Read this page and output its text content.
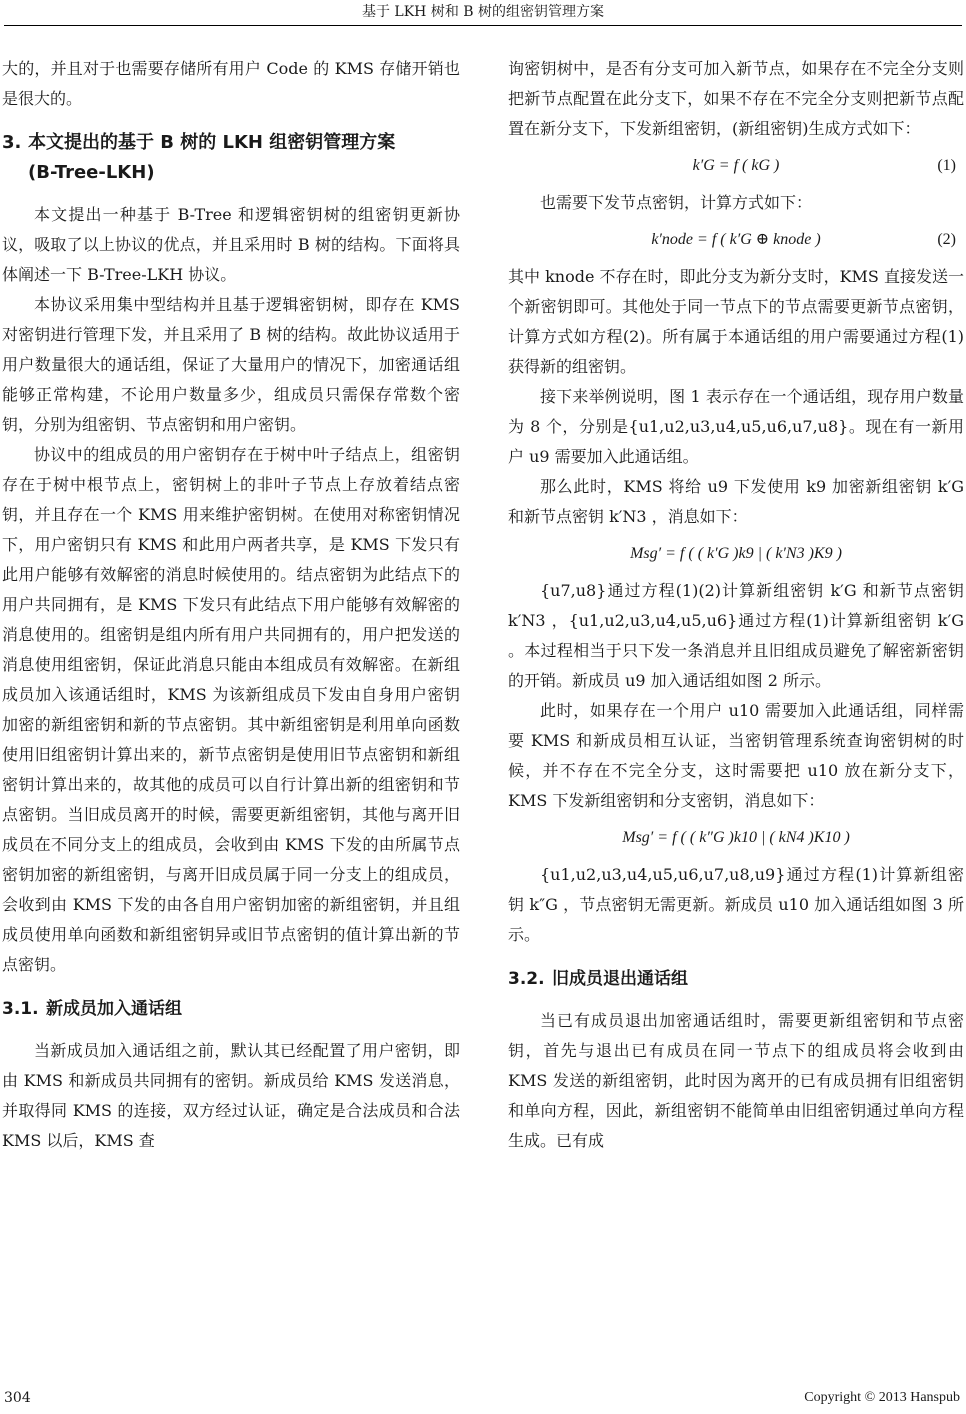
基于 LKH 树和 B 树的组密钥管理方案

大的，并且对于也需要存储所有用户 Code 的 KMS 存储开销也是很大的。

3. 本文提出的基于 B 树的 LKH 组密钥管理方案
(B-Tree-LKH)

本文提出一种基于 B-Tree 和逻辑密钥树的组密钥更新协议，吸取了以上协议的优点，并且采用时 B 树的结构。下面将具体阐述一下 B-Tree-LKH 协议。

本协议采用集中型结构并且基于逻辑密钥树，即存在 KMS 对密钥进行管理下发，并且采用了 B 树的结构。故此协议适用于用户数量很大的通话组，保证了大量用户的情况下，加密通话组能够正常构建，不论用户数量多少，组成员只需保存常数个密钥，分别为组密钥、节点密钥和用户密钥。

协议中的组成员的用户密钥存在于树中叶子结点上，组密钥存在于树中根节点上，密钥树上的非叶子节点上存放着结点密钥，并且存在一个 KMS 用来维护密钥树。在使用对称密钥情况下，用户密钥只有 KMS 和此用户两者共享，是 KMS 下发只有此用户能够有效解密的消息时候使用的。结点密钥为此结点下的用户共同拥有，是 KMS 下发只有此结点下用户能够有效解密的消息使用的。组密钥是组内所有用户共同拥有的，用户把发送的消息使用组密钥，保证此消息只能由本组成员有效解密。在新组成员加入该通话组时，KMS 为该新组成员下发由自身用户密钥加密的新组密钥和新的节点密钥。其中新组密钥是利用单向函数使用旧组密钥计算出来的，新节点密钥是使用旧节点密钥和新组密钥计算出来的，故其他的成员可以自行计算出新的组密钥和节点密钥。当旧成员离开的时候，需要更新组密钥，其他与离开旧成员在不同分支上的组成员，会收到由 KMS 下发的由所属节点密钥加密的新组密钥，与离开旧成员属于同一分支上的组成员，会收到由 KMS 下发的由各自用户密钥加密的新组密钥，并且组成员使用单向函数和新组密钥异或旧节点密钥的值计算出新的节点密钥。

3.1. 新成员加入通话组

当新成员加入通话组之前，默认其已经配置了用户密钥，即由 KMS 和新成员共同拥有的密钥。新成员给 KMS 发送消息，并取得同 KMS 的连接，双方经过认证，确定是合法成员和合法 KMS 以后，KMS 查

询密钥树中，是否有分支可加入新节点，如果存在不完全分支则把新节点配置在此分支下，如果不存在不完全分支则把新节点配置在新分支下，下发新组密钥，(新组密钥)生成方式如下：

k′G = f ( kG )	(1)

也需要下发节点密钥，计算方式如下：

k′node = f ( k′G ⊕ knode )	(2)

其中 knode 不存在时，即此分支为新分支时，KMS 直接发送一个新密钥即可。其他处于同一节点下的节点需要更新节点密钥，计算方式如方程(2)。所有属于本通话组的用户需要通过方程(1)获得新的组密钥。

接下来举例说明，图 1 表示存在一个通话组，现存用户数量为 8 个，分别是{u1,u2,u3,u4,u5,u6,u7,u8}。现在有一新用户 u9 需要加入此通话组。

那么此时，KMS 将给 u9 下发使用 k9 加密新组密钥 k′G 和新节点密钥 k′N3 ，消息如下：

Msg′ = f ( ( k′G )k9 | ( k′N3 )K9 )

{u7,u8}通过方程(1)(2)计算新组密钥 k′G 和新节点密钥 k′N3 ，{u1,u2,u3,u4,u5,u6}通过方程(1)计算新组密钥 k′G 。本过程相当于只下发一条消息并且旧组成员避免了解密新密钥的开销。新成员 u9 加入通话组如图 2 所示。

此时，如果存在一个用户 u10 需要加入此通话组，同样需要 KMS 和新成员相互认证，当密钥管理系统查询密钥树的时候，并不存在不完全分支，这时需要把 u10 放在新分支下，KMS 下发新组密钥和分支密钥，消息如下：

Msg′ = f ( ( k″G )k10 | ( kN4 )K10 )

{u1,u2,u3,u4,u5,u6,u7,u8,u9}通过方程(1)计算新组密钥 k″G ，节点密钥无需更新。新成员 u10 加入通话组如图 3 所示。

3.2. 旧成员退出通话组

当已有成员退出加密通话组时，需要更新组密钥和节点密钥，首先与退出已有成员在同一节点下的组成员将会收到由 KMS 发送的新组密钥，此时因为离开的已有成员拥有旧组密钥和单向方程，因此，新组密钥不能简单由旧组密钥通过单向方程生成。已有成

304	Copyright © 2013 Hanspub
